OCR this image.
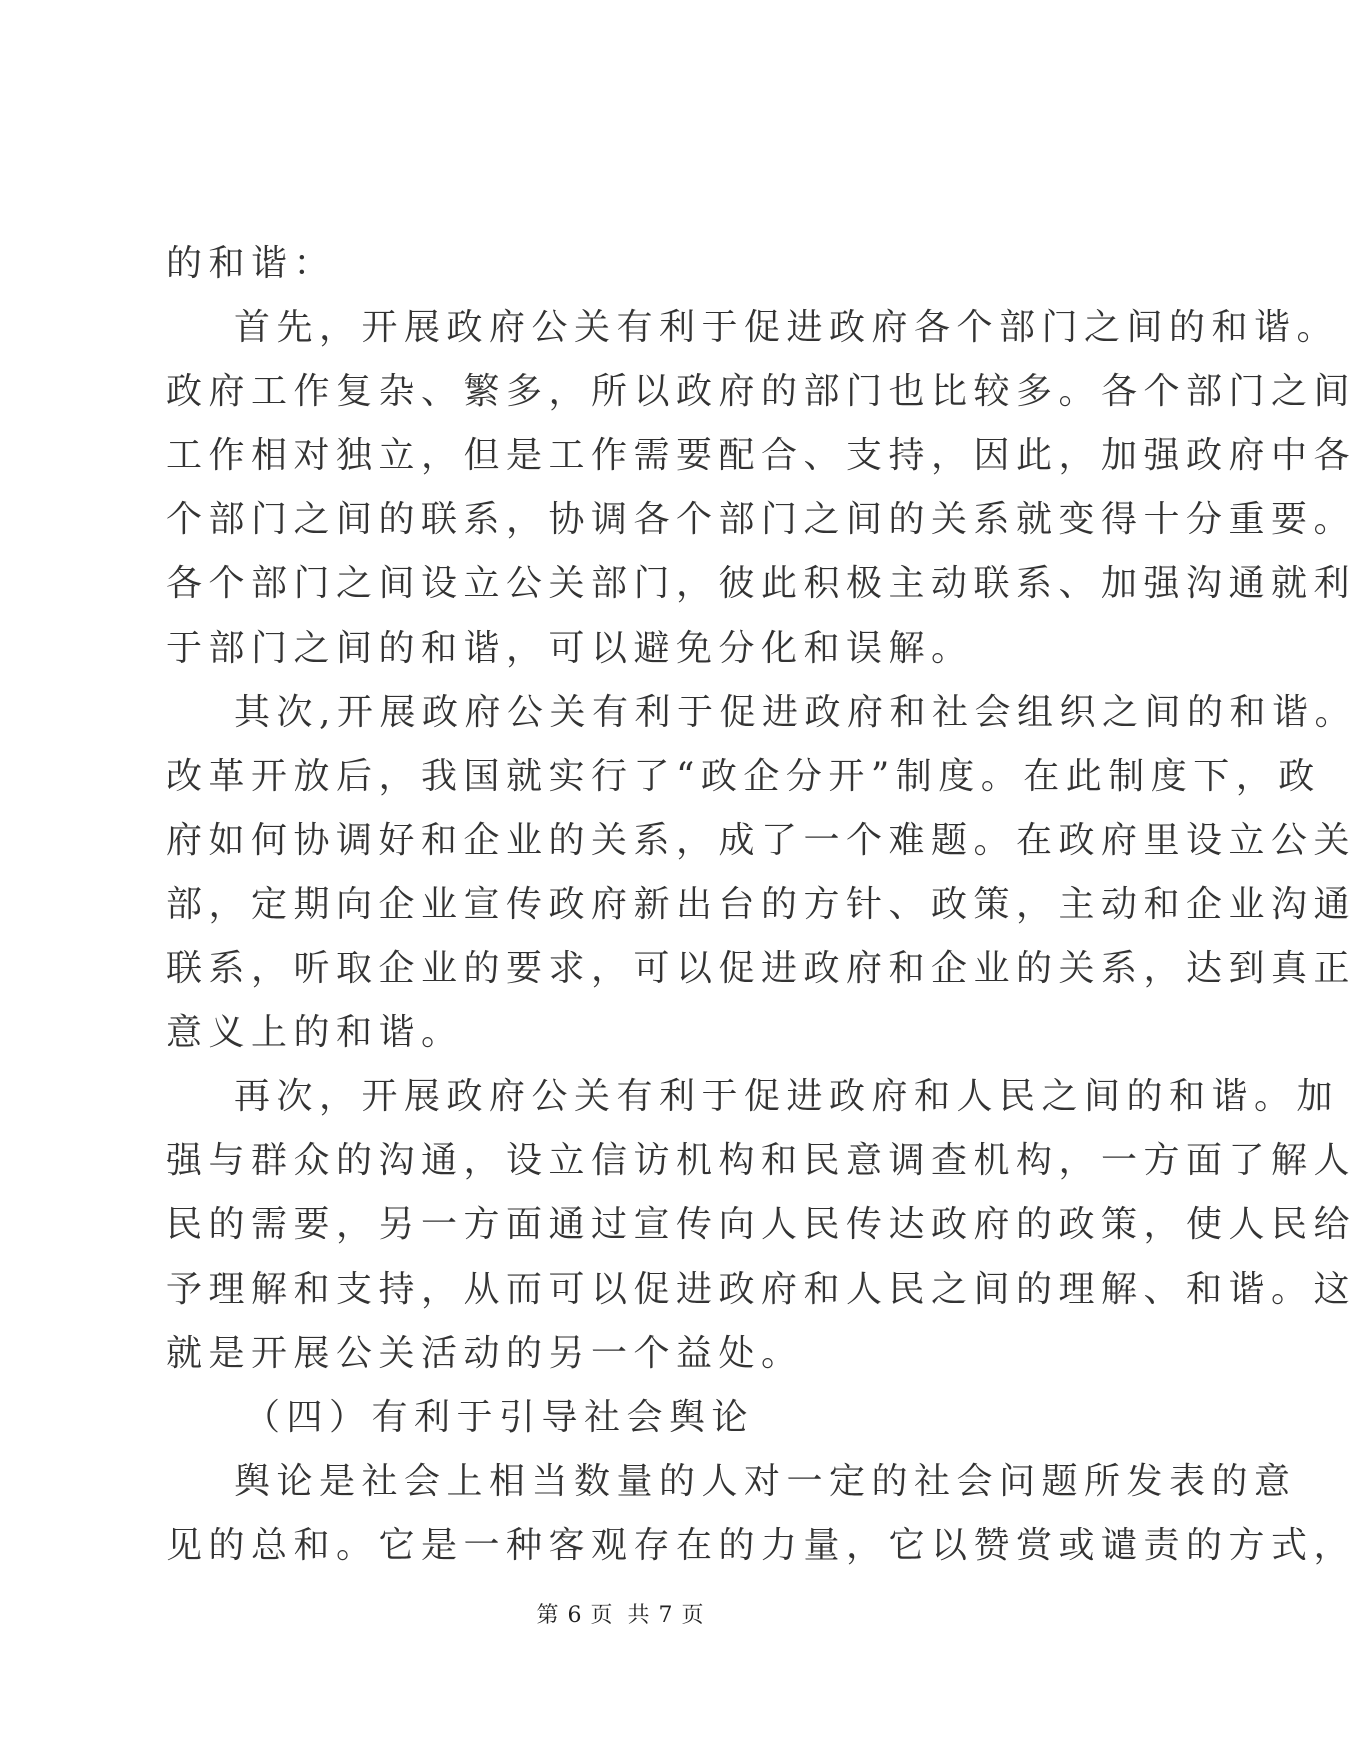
的和谐：
首先，开展政府公关有利于促进政府各个部门之间的和谐。
政府工作复杂、繁多，所以政府的部门也比较多。各个部门之间
工作相对独立，但是工作需要配合、支持，因此，加强政府中各
个部门之间的联系，协调各个部门之间的关系就变得十分重要。
各个部门之间设立公关部门，彼此积极主动联系、加强沟通就利
于部门之间的和谐，可以避免分化和误解。
其次,开展政府公关有利于促进政府和社会组织之间的和谐。
改革开放后，我国就实行了“政企分开”制度。在此制度下，政
府如何协调好和企业的关系，成了一个难题。在政府里设立公关
部，定期向企业宣传政府新出台的方针、政策，主动和企业沟通
联系，听取企业的要求，可以促进政府和企业的关系，达到真正
意义上的和谐。
再次，开展政府公关有利于促进政府和人民之间的和谐。加
强与群众的沟通，设立信访机构和民意调查机构，一方面了解人
民的需要，另一方面通过宣传向人民传达政府的政策，使人民给
予理解和支持，从而可以促进政府和人民之间的理解、和谐。这
就是开展公关活动的另一个益处。
（四）有利于引导社会舆论
舆论是社会上相当数量的人对一定的社会问题所发表的意
见的总和。它是一种客观存在的力量，它以赞赏或谴责的方式，
第 6 页 共 7 页
